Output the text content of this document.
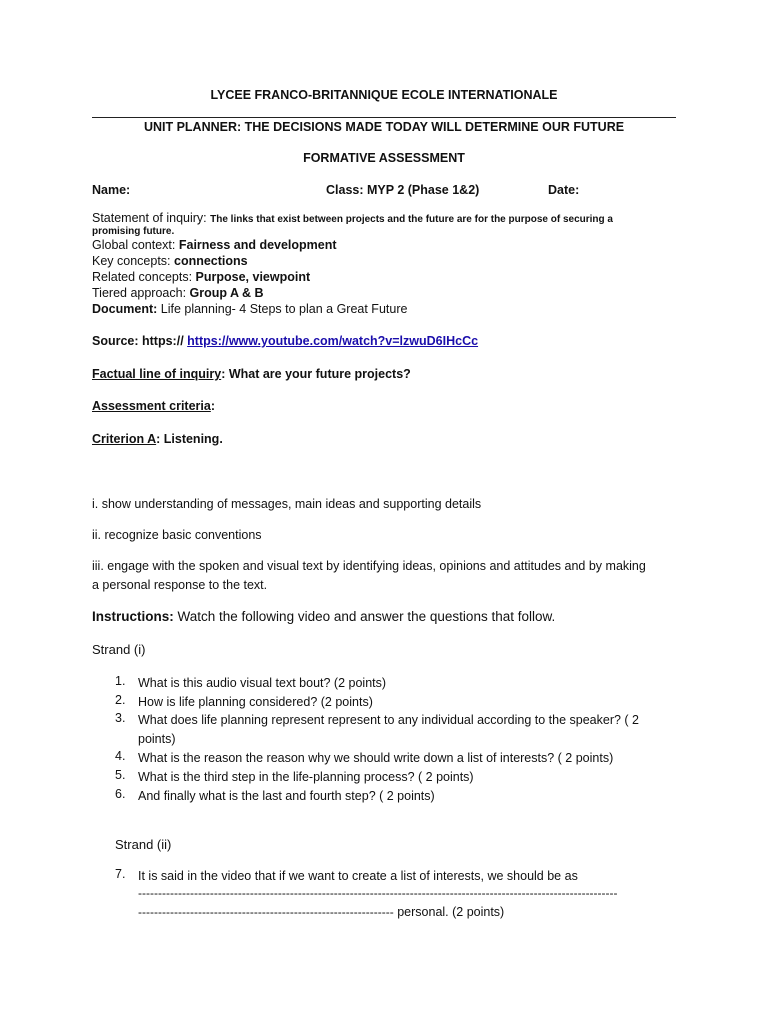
LYCEE FRANCO-BRITANNIQUE ECOLE INTERNATIONALE
UNIT PLANNER: THE DECISIONS MADE TODAY WILL DETERMINE OUR FUTURE
FORMATIVE ASSESSMENT
Name:	Class: MYP 2 (Phase 1&2)	Date:
Statement of inquiry: The links that exist between projects and the future are for the purpose of securing a
promising future.
Global context: Fairness and development
Key concepts: connections
Related concepts: Purpose, viewpoint
Tiered approach: Group A & B
Document: Life planning- 4 Steps to plan a Great Future
Source: https:// https://www.youtube.com/watch?v=lzwuD6IHcCc
Factual line of inquiry: What are your future projects?
Assessment criteria:
Criterion A: Listening.
i. show understanding of messages, main ideas and supporting details
ii. recognize basic conventions
iii. engage with the spoken and visual text by identifying ideas, opinions and attitudes and by making
a personal response to the text.
Instructions: Watch the following video and answer the questions that follow.
Strand (i)
1.	What is this audio visual text bout? (2 points)
2.	How is life planning considered? (2 points)
3.	What does life planning represent represent to any individual according to the speaker? ( 2
points)
4.	What is the reason the reason why we should write down a list of interests? ( 2 points)
5.	What is the third step in the life-planning process? ( 2 points)
6.	And finally what is the last and fourth step? ( 2 points)
Strand (ii)
7.	It is said in the video that if we want to create a list of interests, we should be as
------------------------------------------------------------------------------------------------------------------------
---------------------------------------------------------------- personal. (2 points)
